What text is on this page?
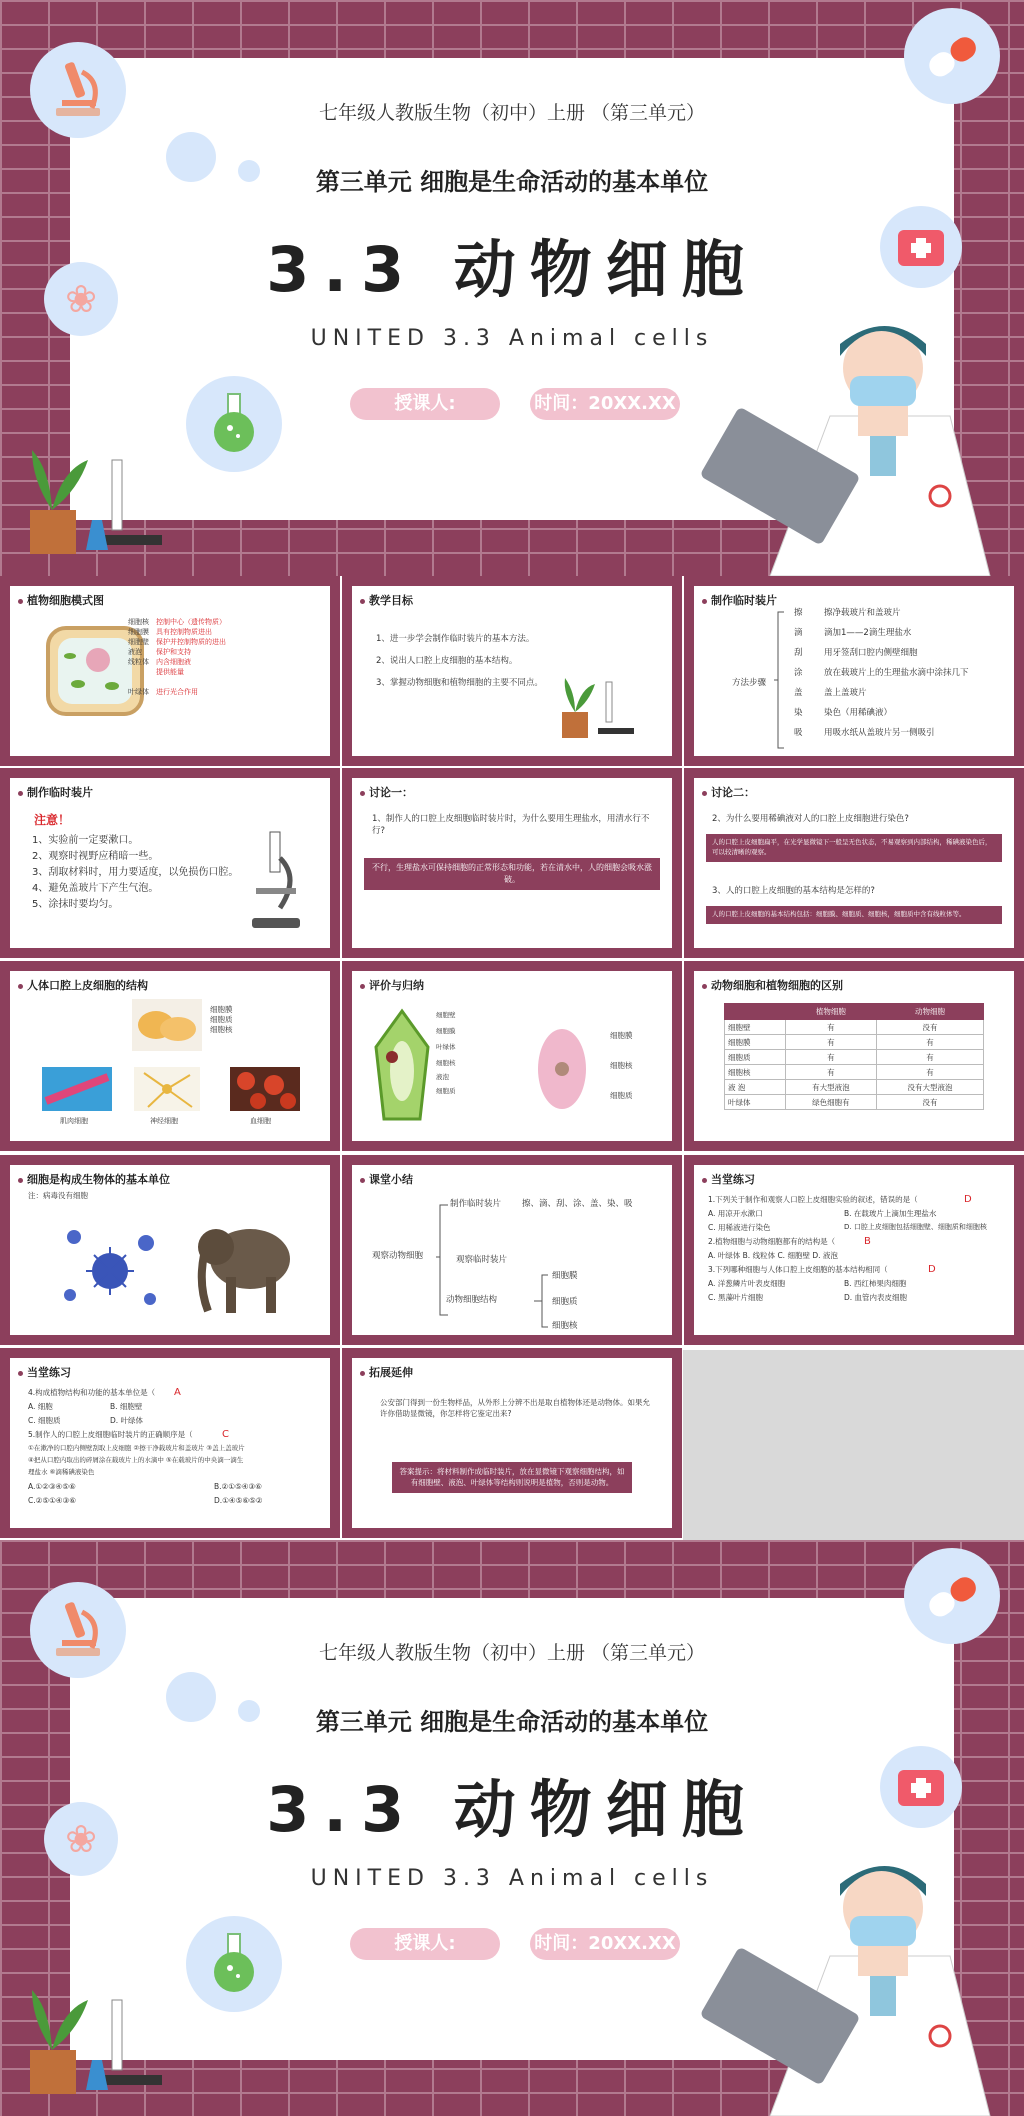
❀
七年级人教版生物（初中）上册 （第三单元）
第三单元 细胞是生命活动的基本单位
3.3 动物细胞
UNITED 3.3 Animal cells
授课人:	时间：20XX.XX
植物细胞模式图
细胞核
细胞膜
细胞壁
液泡
线粒体
叶绿体
控制中心（遗传物质）
具有控制物质进出
保护并控制物质的进出
保护和支持
内含细胞液
提供能量
进行光合作用
教学目标
1、进一步学会制作临时装片的基本方法。
2、说出人口腔上皮细胞的基本结构。
3、掌握动物细胞和植物细胞的主要不同点。
制作临时装片
方法步骤
擦	擦净载玻片和盖玻片
滴	滴加1——2滴生理盐水
刮	用牙签刮口腔内侧壁细胞
涂	放在载玻片上的生理盐水滴中涂抹几下
盖	盖上盖玻片
染	染色（用稀碘液）
吸	用吸水纸从盖玻片另一侧吸引
制作临时装片
注意！
1、实验前一定要漱口。
2、观察时视野应稍暗一些。
3、刮取材料时，用力要适度，以免损伤口腔。
4、避免盖玻片下产生气泡。
5、涂抹时要均匀。
讨论一：
1、制作人的口腔上皮细胞临时装片时，为什么要用生理盐水，用清水行不行?
不行，生理盐水可保持细胞的正常形态和功能，若在清水中，人的细胞会吸水涨破。
讨论二：
2、为什么要用稀碘液对人的口腔上皮细胞进行染色?
人的口腔上皮细胞扁平，在光学显微镜下一般呈无色状态，不易观察到内部结构，稀碘液染色后，可以较清晰的观察。
3、人的口腔上皮细胞的基本结构是怎样的?
人的口腔上皮细胞的基本结构包括：细胞膜、细胞质、细胞核，细胞质中含有线粒体等。
人体口腔上皮细胞的结构
细胞膜
细胞质
细胞核
肌肉细胞	神经细胞	血细胞
评价与归纳
细胞壁
细胞膜
叶绿体
细胞核
液泡
细胞质
细胞膜
细胞核
细胞质
动物细胞和植物细胞的区别
	植物细胞	动物细胞
细胞壁	有	没有
细胞膜	有	有
细胞质	有	有
细胞核	有	有
液 泡	有大型液泡	没有大型液泡
叶绿体	绿色细胞有	没有
细胞是构成生物体的基本单位
注：病毒没有细胞
课堂小结
观察动物细胞
制作临时装片 擦、滴、刮、涂、盖、染、吸
观察临时装片
动物细胞结构
细胞膜
细胞质
细胞核
当堂练习
1.下列关于制作和观察人口腔上皮细胞实验的叙述，错误的是（	D
A. 用凉开水漱口	B. 在载玻片上滴加生理盐水
C. 用稀液进行染色	D. 口腔上皮细胞包括细胞壁、细胞质和细胞核
2.植物细胞与动物细胞都有的结构是（	B
A. 叶绿体 B. 线粒体 C. 细胞壁 D. 液泡
3.下列哪种细胞与人体口腔上皮细胞的基本结构相同（	D
A. 洋葱鳞片叶表皮细胞	B. 西红柿果肉细胞
C. 黑藻叶片细胞	D. 血管内表皮细胞
当堂练习
4.构成植物结构和功能的基本单位是（ A
A. 细胞	B. 细胞壁
C. 细胞质	D. 叶绿体
5.制作人的口腔上皮细胞临时装片的正确顺序是（	C
①在漱净的口腔内侧壁刮取上皮细胞 ②擦干净载玻片和盖玻片 ③盖上盖玻片
④把从口腔内取出的碎屑涂在载玻片上的水滴中 ⑤在载玻片的中央滴一滴生
理盐水 ⑥滴稀碘液染色
A.①②③④⑤⑥	B.②①⑤④③⑥
C.②⑤①④③⑥	D.①④⑤⑥⑤②
拓展延伸
公安部门得到一份生物样品，从外形上分辨不出是取自植物体还是动物体。如果允许你借助显微镜，你怎样将它鉴定出来?
答案提示：将材料制作成临时装片，放在显微镜下观察细胞结构，如有细胞壁、液泡、叶绿体等结构则说明是植物，否则是动物。
❀
七年级人教版生物（初中）上册 （第三单元）
第三单元 细胞是生命活动的基本单位
3.3 动物细胞
UNITED 3.3 Animal cells
授课人:	时间：20XX.XX
